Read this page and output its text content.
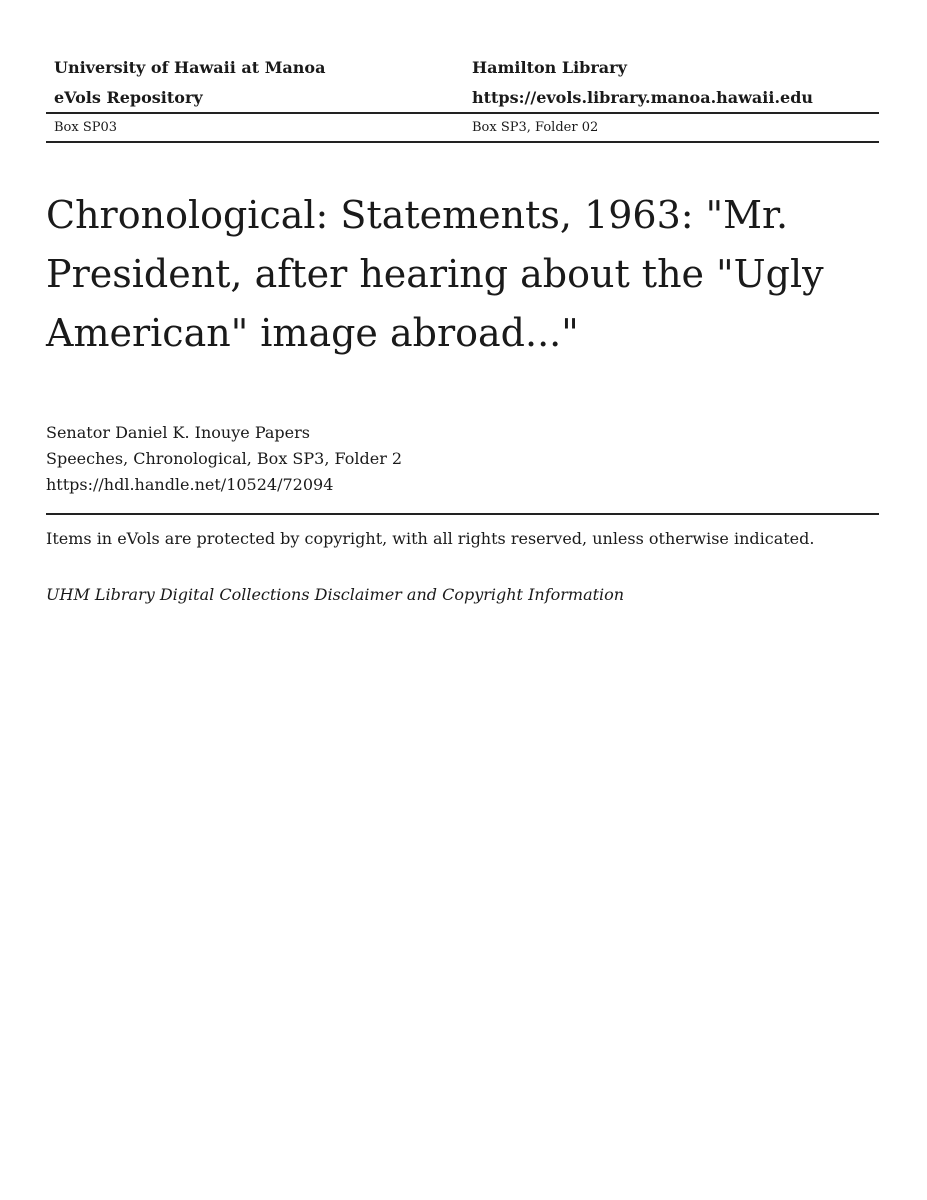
University of Hawaii at Manoa	Hamilton Library
eVols Repository	https://evols.library.manoa.hawaii.edu
Box SP03	Box SP3, Folder 02
Chronological: Statements, 1963: "Mr. President, after hearing about the "Ugly American" image abroad..."
Senator Daniel K. Inouye Papers
Speeches, Chronological, Box SP3, Folder 2
https://hdl.handle.net/10524/72094
Items in eVols are protected by copyright, with all rights reserved, unless otherwise indicated.
UHM Library Digital Collections Disclaimer and Copyright Information
